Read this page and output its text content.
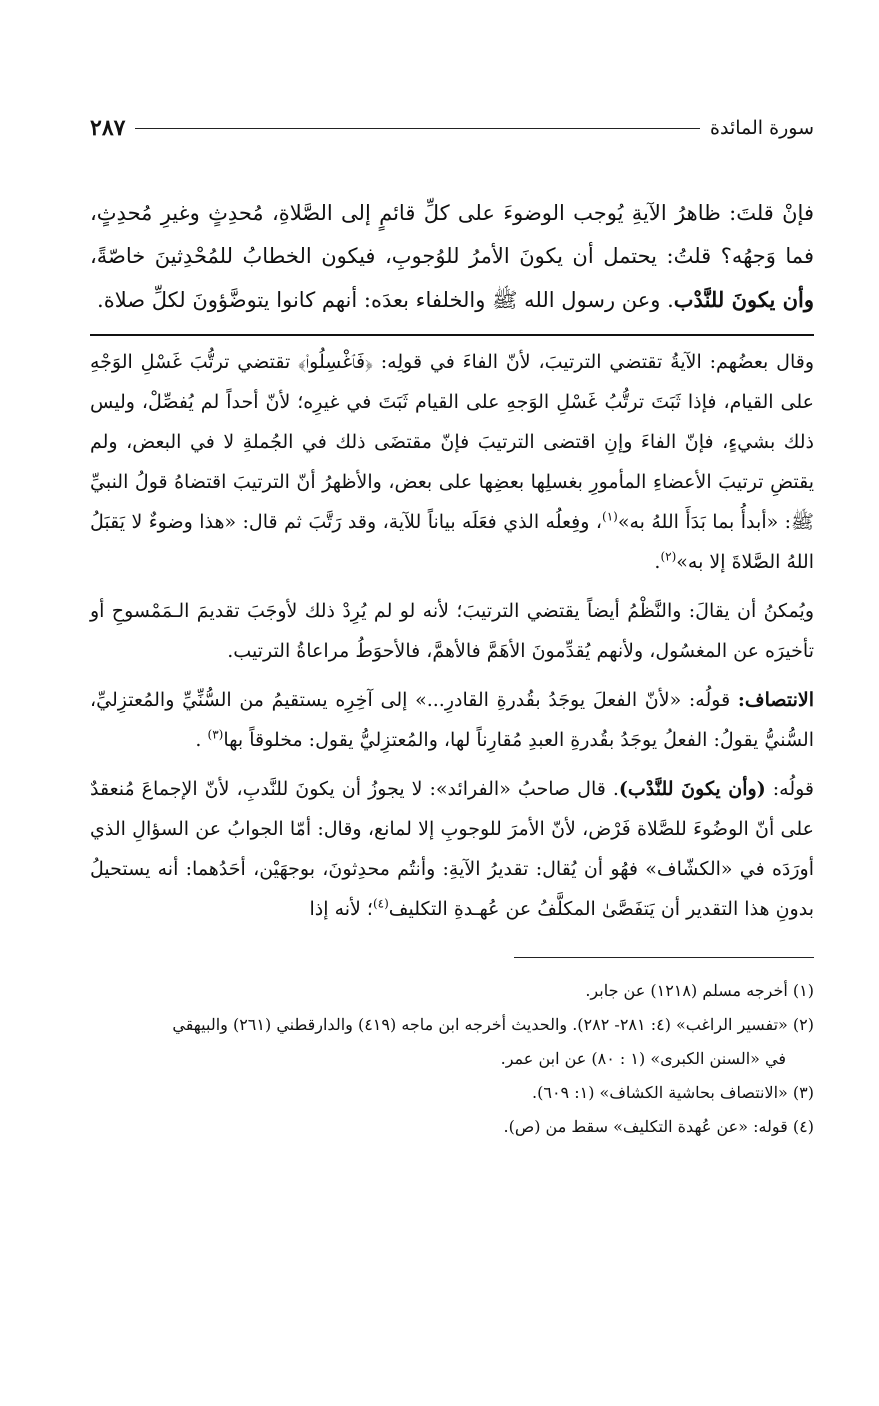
سورة المائدة
٢٨٧
فإنْ قلتَ: ظاهرُ الآيةِ يُوجب الوضوءَ على كلِّ قائمٍ إلى الصَّلاةِ، مُحدِثٍ وغيرِ مُحدِثٍ، فما وَجهُه؟ قلتُ: يحتمل أن يكونَ الأمرُ للوُجوبِ، فيكون الخطابُ للمُحْدِثينَ خاصّةً، وأن يكونَ للنَّدْب. وعن رسول الله ﷺ والخلفاء بعدَه: أنهم كانوا يتوضَّؤونَ لكلِّ صلاة.

وقال بعضُهم: الآيةُ تقتضي الترتيبَ، لأنّ الفاءَ في قولِه: ﴿فَٱغْسِلُوا۟﴾ تقتضي ترتُّبَ غَسْلِ الوَجْهِ على القيام، فإذا ثَبَتَ ترتُّبُ غَسْلِ الوَجهِ على القيام ثَبَتَ في غيرِه؛ لأنّ أحداً لم يُفصِّلْ، وليس ذلك بشيءٍ، فإنّ الفاءَ وإنِ اقتضى الترتيبَ فإنّ مقتضَى ذلك في الجُملةِ لا في البعض، ولم يقتضِ ترتيبَ الأعضاءِ المأمورِ بغسلِها بعضِها على بعض، والأظهرُ أنّ الترتيبَ اقتضاهُ قولُ النبيِّ ﷺ: «أبدأُ بما بَدَأَ اللهُ به»$^{(١)}$، وفِعلُه الذي فعَلَه بياناً للآية، وقد رَتَّبَ ثم قال: «هذا وضوءٌ لا يَقبَلُ اللهُ الصَّلاةَ إلا به»$^{(٢)}$.

ويُمكنُ أن يقالَ: والنَّظْمُ أيضاً يقتضي الترتيبَ؛ لأنه لو لم يُرِدْ ذلك لأوجَبَ تقديمَ الـمَمْسوحِ أو تأخيرَه عن المغسُول، ولأنهم يُقدِّمونَ الأهَمَّ فالأهمَّ، فالأحوَطُ مراعاةُ الترتيب.

الانتصاف: قولُه: «لأنّ الفعلَ يوجَدُ بقُدرةِ القادرِ...» إلى آخِرِه يستقيمُ من السُّنِّيِّ والمُعتزِليِّ، السُّنيُّ يقولُ: الفعلُ يوجَدُ بقُدرةِ العبدِ مُقارِناً لها، والمُعتزِليُّ يقول: مخلوقاً بها$^{(٣)}$ .

قولُه: (وأن يكونَ للنَّدْب). قال صاحبُ «الفرائد»: لا يجوزُ أن يكونَ للنَّدبِ، لأنّ الإجماعَ مُنعقدٌ على أنّ الوضُوءَ للصَّلاة فَرْض، لأنّ الأمرَ للوجوبِ إلا لمانع، وقال: أمّا الجوابُ عن السؤالِ الذي أورَدَه في «الكشّاف» فهُو أن يُقال: تقديرُ الآيةِ: وأنتُم محدِثونَ، بوجهَيْن، أحَدُهما: أنه يستحيلُ بدونِ هذا التقدير أن يَتفَصَّىٰ المكلَّفُ عن عُهـدةِ التكليف$^{(٤)}$؛ لأنه إذا

(١) أخرجه مسلم (١٢١٨) عن جابر.

(٢) «تفسير الراغب» (٤: ٢٨١- ٢٨٢). والحديث أخرجه ابن ماجه (٤١٩) والدارقطني (٢٦١) والبيهقي

في «السنن الكبرى» (١ : ٨٠) عن ابن عمر.

(٣) «الانتصاف بحاشية الكشاف» (١: ٦٠٩).

(٤) قوله: «عن عُهدة التكليف» سقط من (ص).
